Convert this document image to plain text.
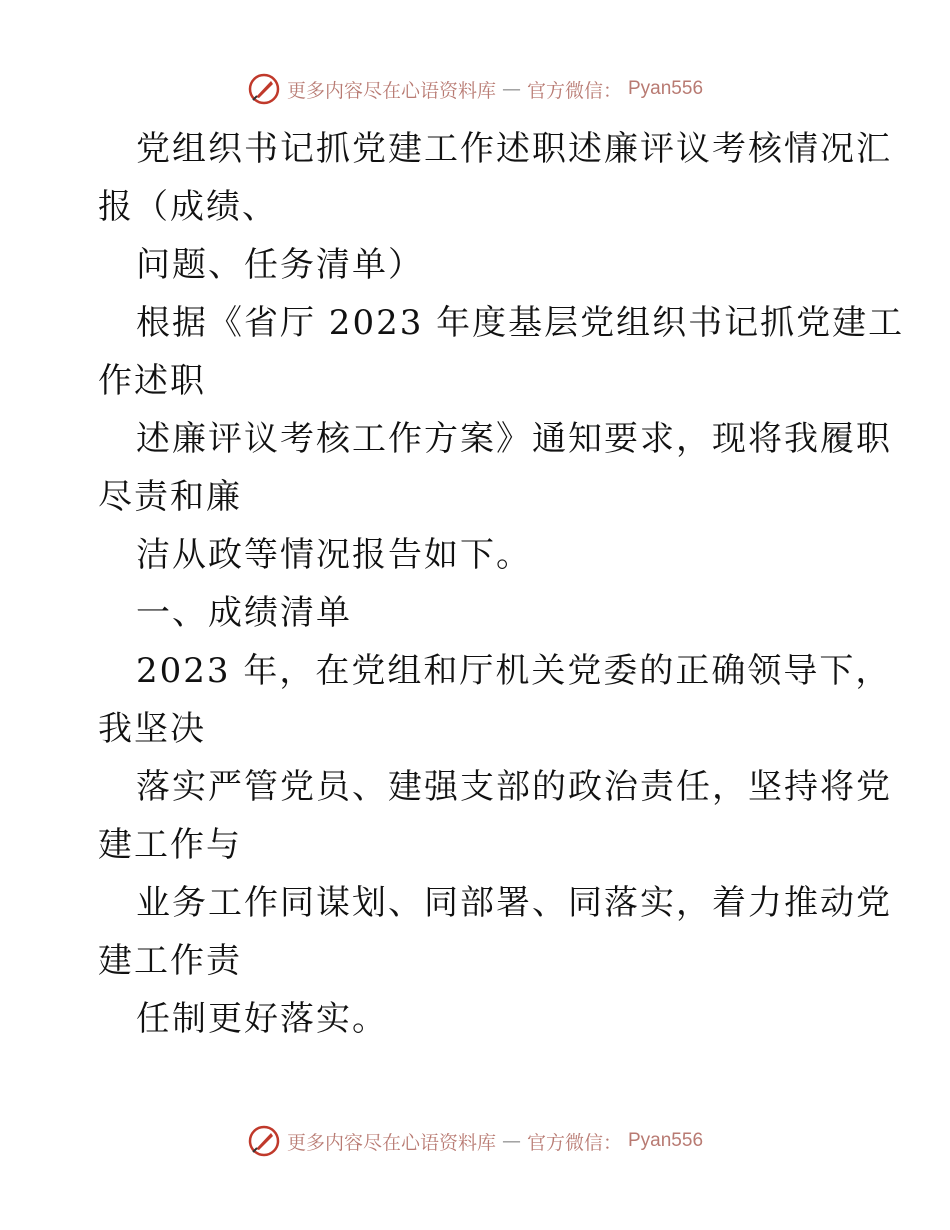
更多内容尽在心语资料库 — 官方微信： Pyan556
党组织书记抓党建工作述职述廉评议考核情况汇
报（成绩、
问题、任务清单）
根据《省厅 2023 年度基层党组织书记抓党建工
作述职
述廉评议考核工作方案》通知要求，现将我履职
尽责和廉
洁从政等情况报告如下。
一、成绩清单
2023 年，在党组和厅机关党委的正确领导下，
我坚决
落实严管党员、建强支部的政治责任，坚持将党
建工作与
业务工作同谋划、同部署、同落实，着力推动党
建工作责
任制更好落实。
更多内容尽在心语资料库 — 官方微信： Pyan556
